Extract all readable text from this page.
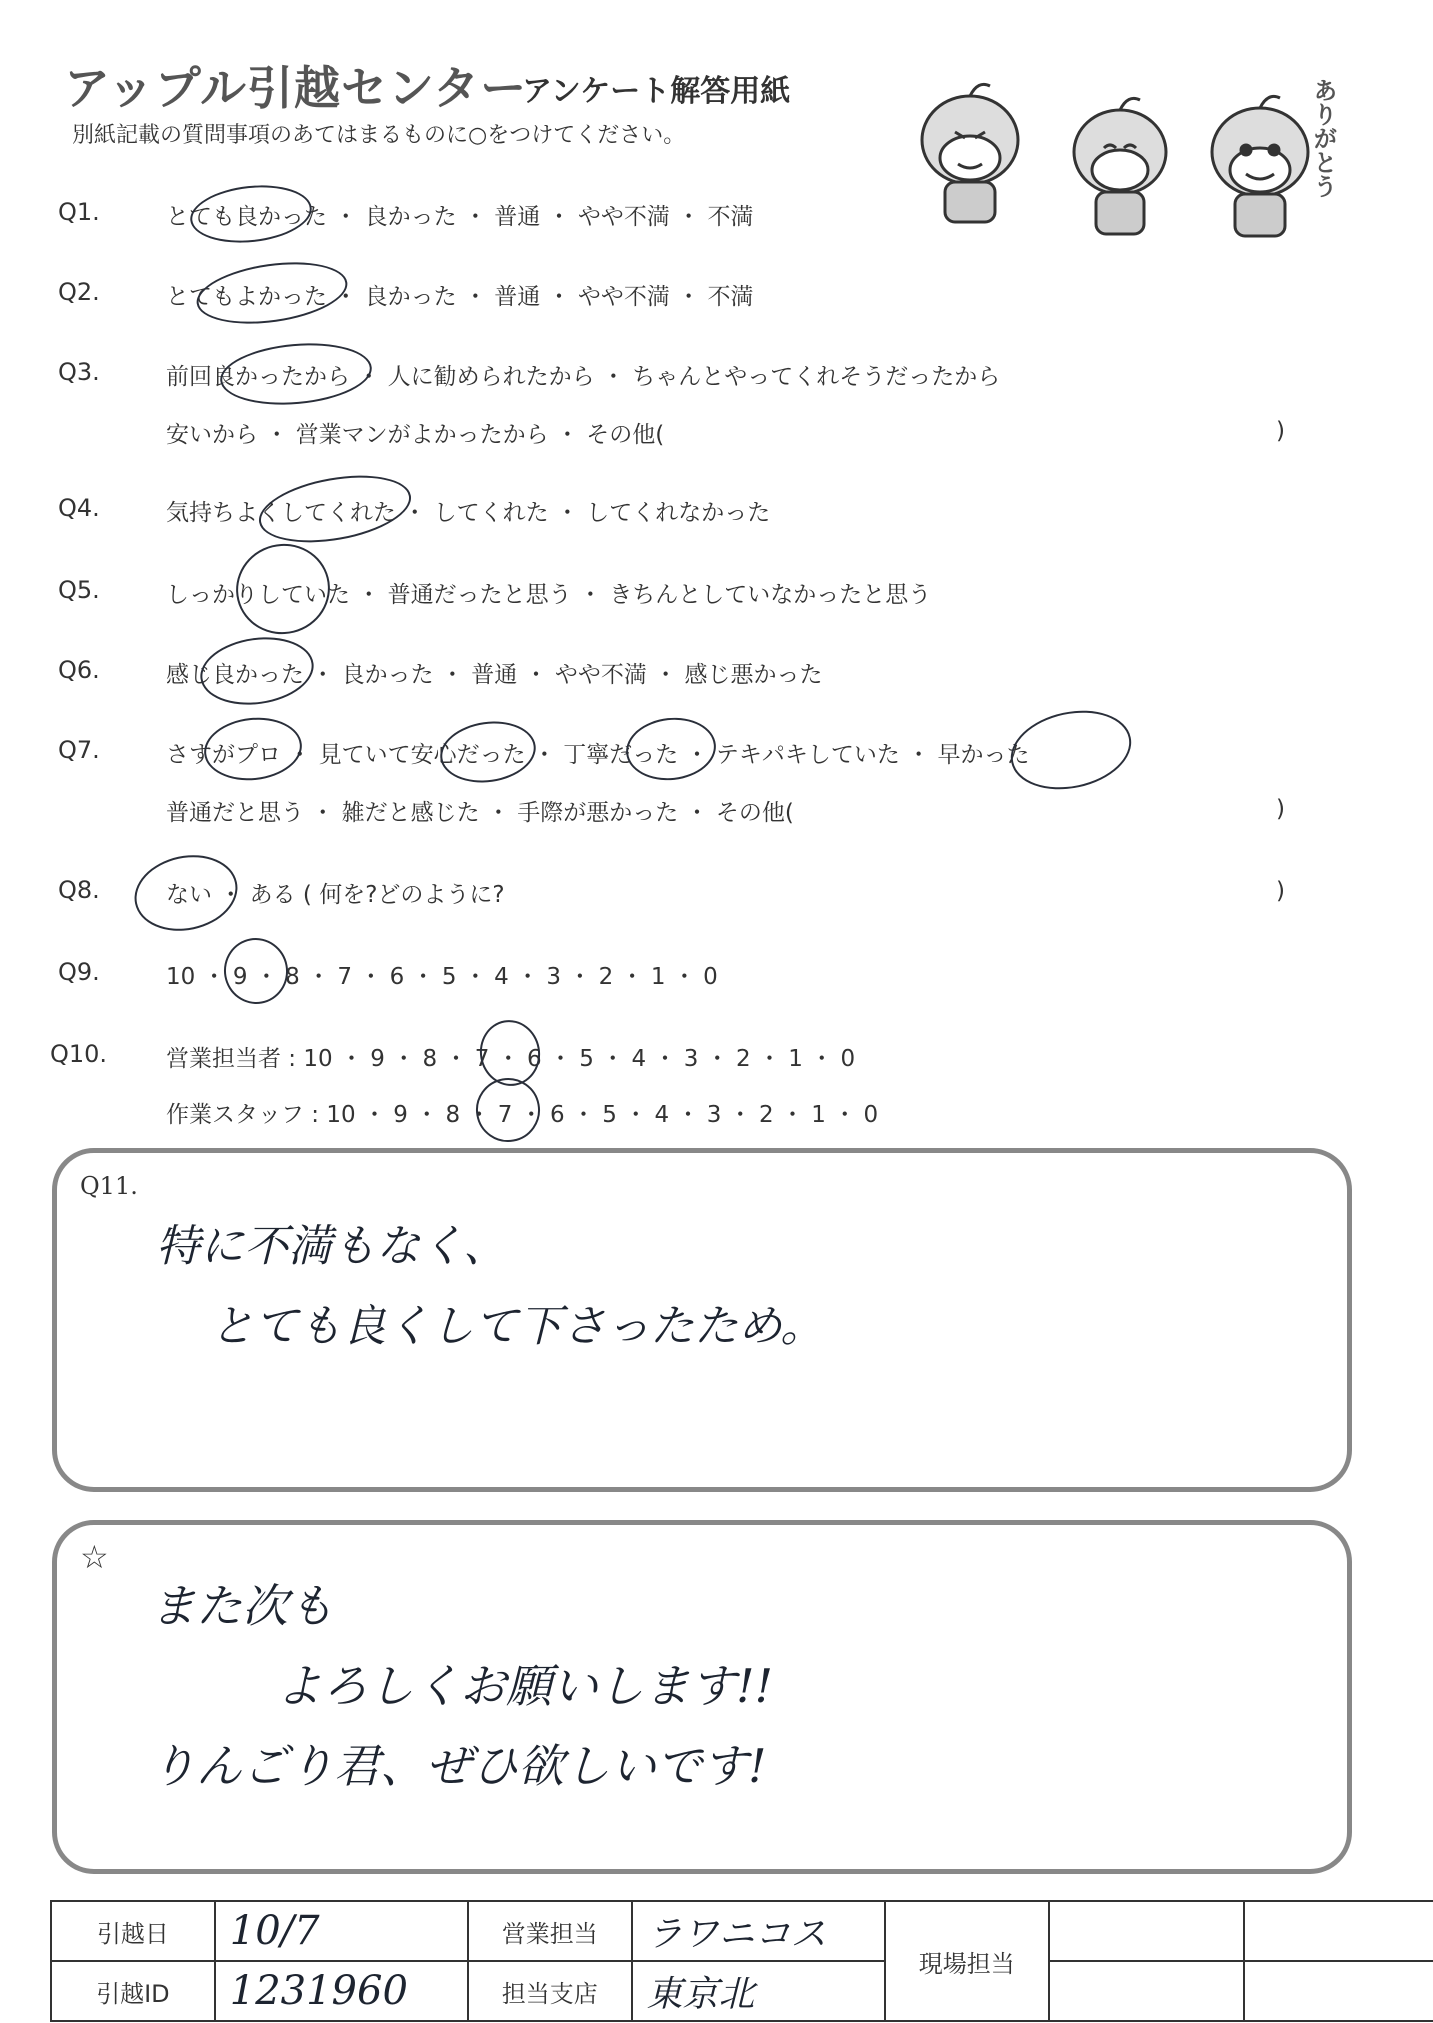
アップル引越センター
アンケート解答用紙
別紙記載の質問事項のあてはまるものに○をつけてください。	ありがとう
Q1.	とても良かった ・ 良かった ・ 普通 ・ やや不満 ・ 不満
Q2.	とてもよかった ・ 良かった ・ 普通 ・ やや不満 ・ 不満
Q3.	前回良かったから ・ 人に勧められたから ・ ちゃんとやってくれそうだったから
安いから ・ 営業マンがよかったから ・ その他(	)
Q4.	気持ちよくしてくれた ・ してくれた ・ してくれなかった
Q5.	しっかりしていた ・ 普通だったと思う ・ きちんとしていなかったと思う
Q6.	感じ良かった ・ 良かった ・ 普通 ・ やや不満 ・ 感じ悪かった
Q7.	さすがプロ ・ 見ていて安心だった ・ 丁寧だった ・ テキパキしていた ・ 早かった
普通だと思う ・ 雑だと感じた ・ 手際が悪かった ・ その他(	)
Q8.	ない ・ ある ( 何を?どのように?	)
Q9.	10 ・ 9 ・ 8 ・ 7 ・ 6 ・ 5 ・ 4 ・ 3 ・ 2 ・ 1 ・ 0
Q10.	営業担当者 : 10 ・ 9 ・ 8 ・ 7 ・ 6 ・ 5 ・ 4 ・ 3 ・ 2 ・ 1 ・ 0
作業スタッフ : 10 ・ 9 ・ 8 ・ 7 ・ 6 ・ 5 ・ 4 ・ 3 ・ 2 ・ 1 ・ 0
Q11.
特に不満もなく、
とても良くして下さったため。
☆
また次も
よろしくお願いします!!
りんごり君、ぜひ欲しいです!
引越日	10/7	営業担当	ラワニコス	現場担当		
引越ID	1231960	担当支店	東京北			
